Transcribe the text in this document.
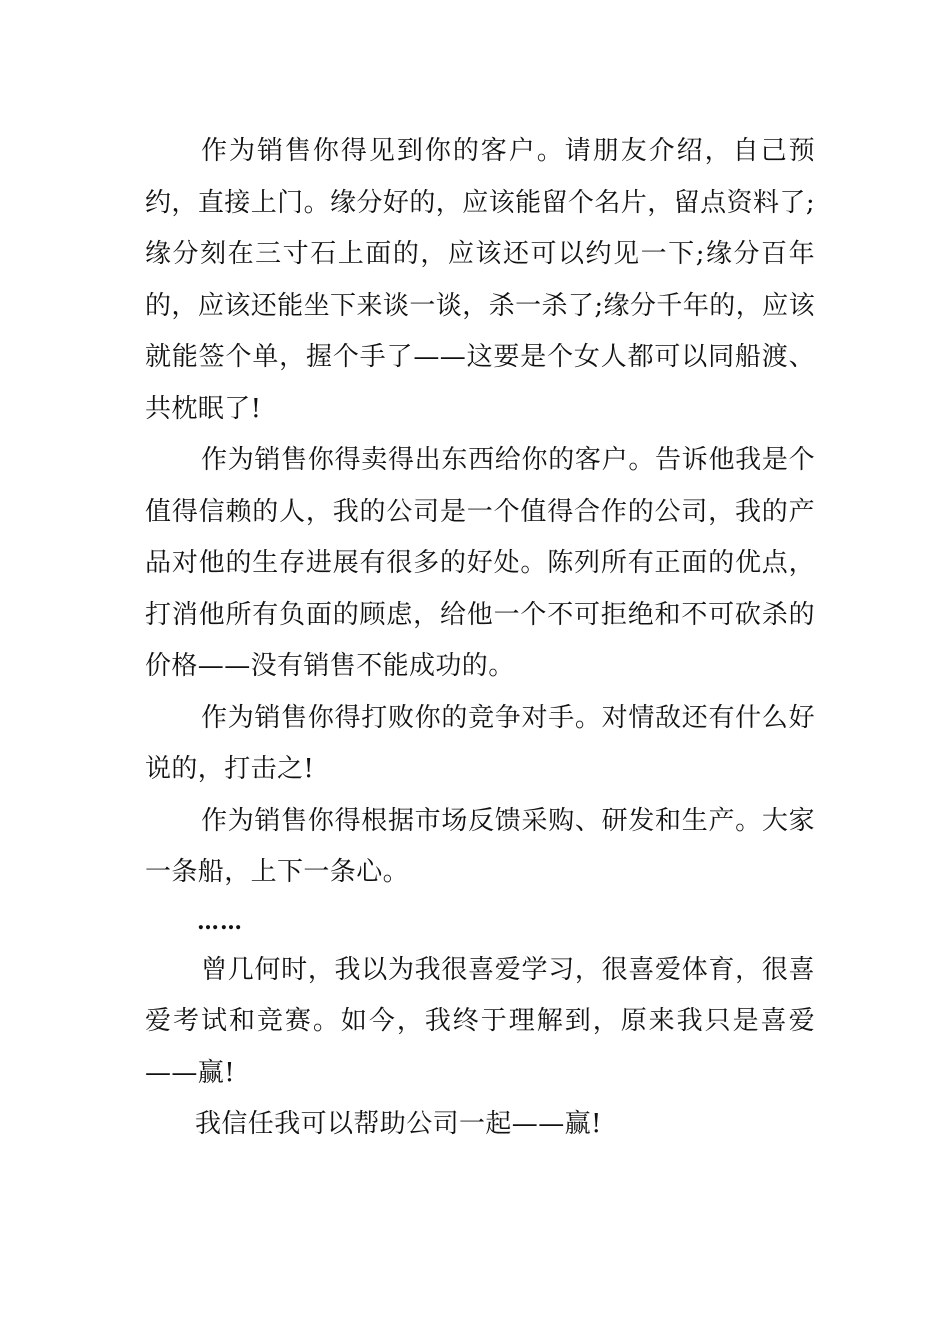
作为销售你得见到你的客户。请朋友介绍，自己预约，直接上门。缘分好的，应该能留个名片，留点资料了;缘分刻在三寸石上面的，应该还可以约见一下;缘分百年的，应该还能坐下来谈一谈，杀一杀了;缘分千年的，应该就能签个单，握个手了——这要是个女人都可以同船渡、共枕眠了!

作为销售你得卖得出东西给你的客户。告诉他我是个值得信赖的人，我的公司是一个值得合作的公司，我的产品对他的生存进展有很多的好处。陈列所有正面的优点，打消他所有负面的顾虑，给他一个不可拒绝和不可砍杀的价格——没有销售不能成功的。

作为销售你得打败你的竞争对手。对情敌还有什么好说的，打击之!

作为销售你得根据市场反馈采购、研发和生产。大家一条船，上下一条心。

……

曾几何时，我以为我很喜爱学习，很喜爱体育，很喜爱考试和竞赛。如今，我终于理解到，原来我只是喜爱——赢!

我信任我可以帮助公司一起——赢!
